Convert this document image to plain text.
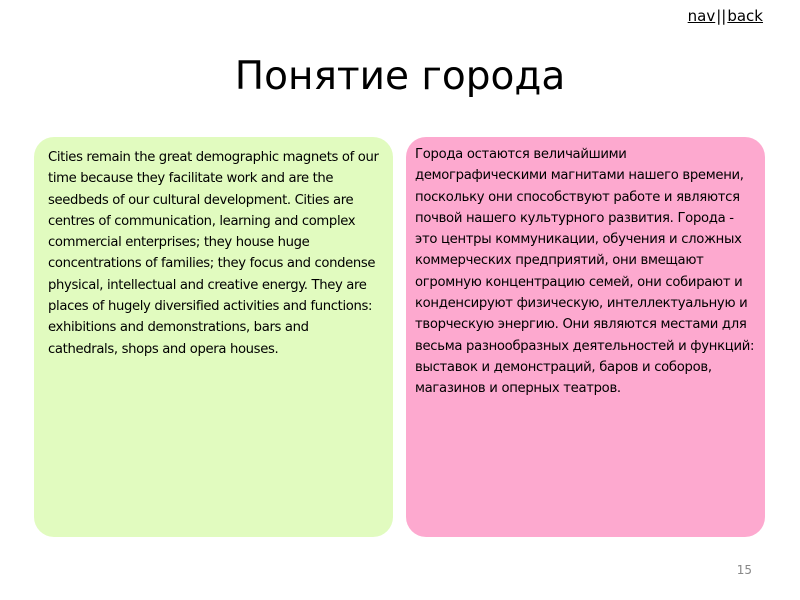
nav||back
Понятие города

Cities remain the great demographic magnets of our time because they facilitate work and are the seedbeds of our cultural development. Cities are centres of communication, learning and complex commercial enterprises; they house huge concentrations of families; they focus and condense physical, intellectual and creative energy. They are places of hugely diversified activities and functions: exhibitions and demonstrations, bars and cathedrals, shops and opera houses.

Города остаются величайшими демографическими магнитами нашего времени, поскольку они способствуют работе и являются почвой нашего культурного развития. Города - это центры коммуникации, обучения и сложных коммерческих предприятий, они вмещают огромную концентрацию семей, они собирают и конденсируют физическую, интеллектуальную и творческую энергию. Они являются местами для весьма разнообразных деятельностей и функций: выставок и демонстраций, баров и соборов, магазинов и оперных театров.

15
